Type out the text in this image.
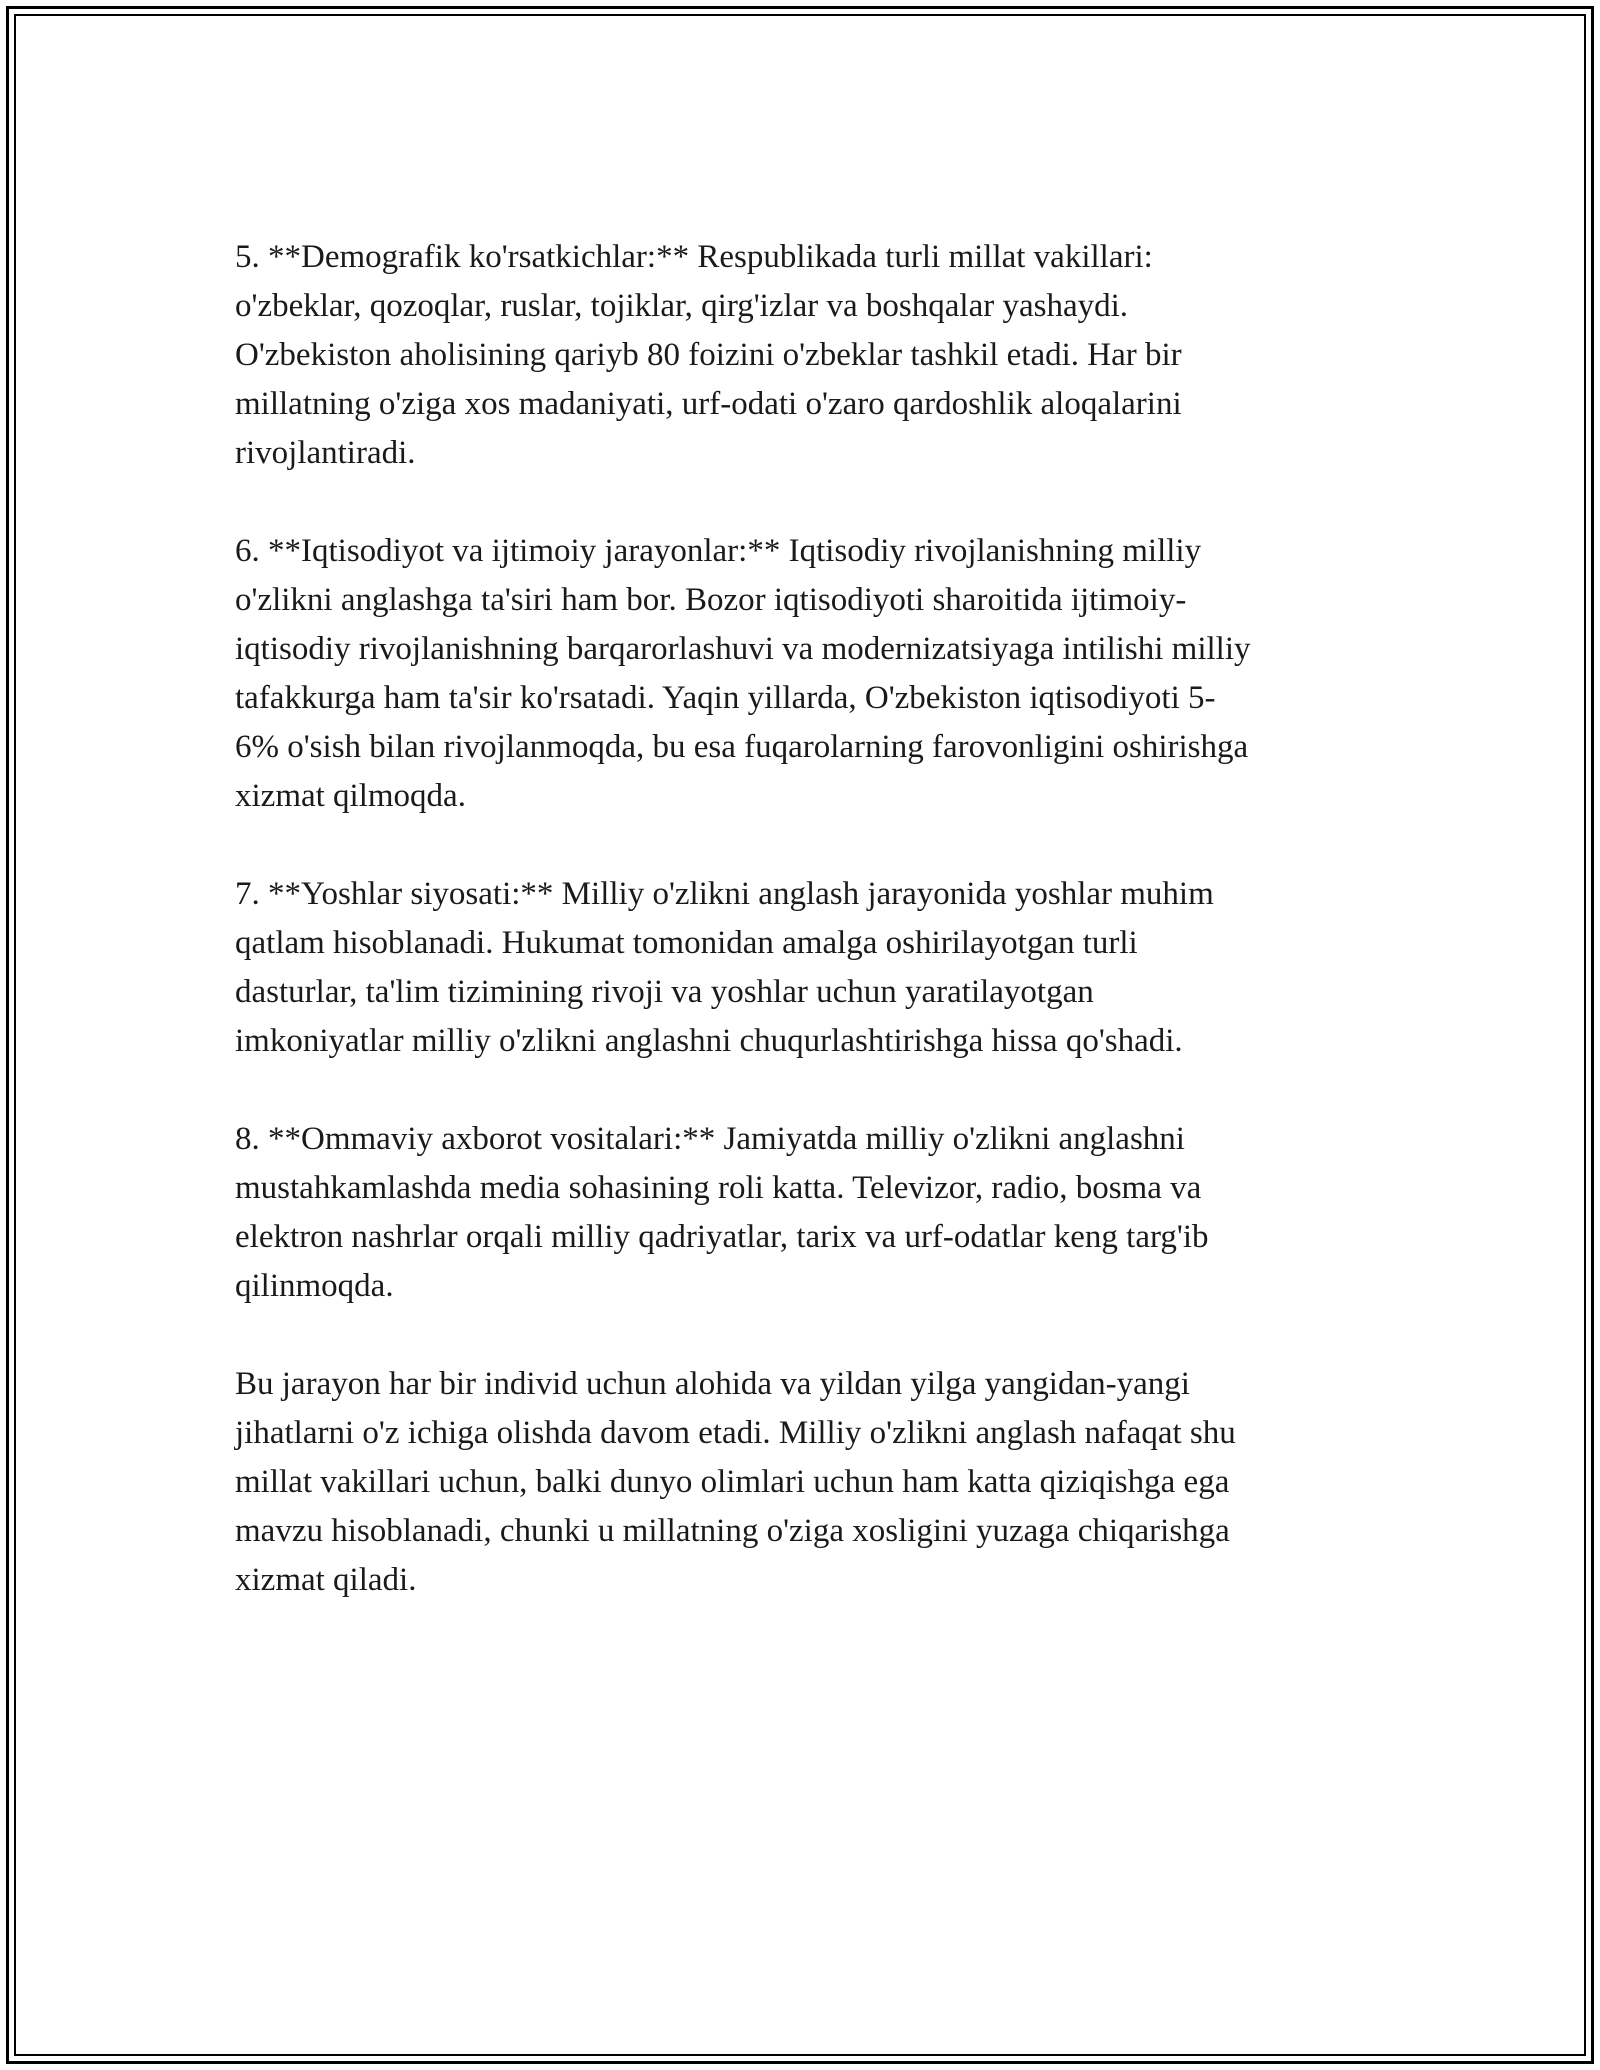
5. **Demografik ko'rsatkichlar:** Respublikada turli millat vakillari:
o'zbeklar, qozoqlar, ruslar, tojiklar, qirg'izlar va boshqalar yashaydi.
O'zbekiston aholisining qariyb 80 foizini o'zbeklar tashkil etadi. Har bir
millatning o'ziga xos madaniyati, urf-odati o'zaro qardoshlik aloqalarini
rivojlantiradi.

6. **Iqtisodiyot va ijtimoiy jarayonlar:** Iqtisodiy rivojlanishning milliy
o'zlikni anglashga ta'siri ham bor. Bozor iqtisodiyoti sharoitida ijtimoiy-
iqtisodiy rivojlanishning barqarorlashuvi va modernizatsiyaga intilishi milliy
tafakkurga ham ta'sir ko'rsatadi. Yaqin yillarda, O'zbekiston iqtisodiyoti 5-
6% o'sish bilan rivojlanmoqda, bu esa fuqarolarning farovonligini oshirishga
xizmat qilmoqda.

7. **Yoshlar siyosati:** Milliy o'zlikni anglash jarayonida yoshlar muhim
qatlam hisoblanadi. Hukumat tomonidan amalga oshirilayotgan turli
dasturlar, ta'lim tizimining rivoji va yoshlar uchun yaratilayotgan
imkoniyatlar milliy o'zlikni anglashni chuqurlashtirishga hissa qo'shadi.

8. **Ommaviy axborot vositalari:** Jamiyatda milliy o'zlikni anglashni
mustahkamlashda media sohasining roli katta. Televizor, radio, bosma va
elektron nashrlar orqali milliy qadriyatlar, tarix va urf-odatlar keng targ'ib
qilinmoqda.

Bu jarayon har bir individ uchun alohida va yildan yilga yangidan-yangi
jihatlarni o'z ichiga olishda davom etadi. Milliy o'zlikni anglash nafaqat shu
millat vakillari uchun, balki dunyo olimlari uchun ham katta qiziqishga ega
mavzu hisoblanadi, chunki u millatning o'ziga xosligini yuzaga chiqarishga
xizmat qiladi.
